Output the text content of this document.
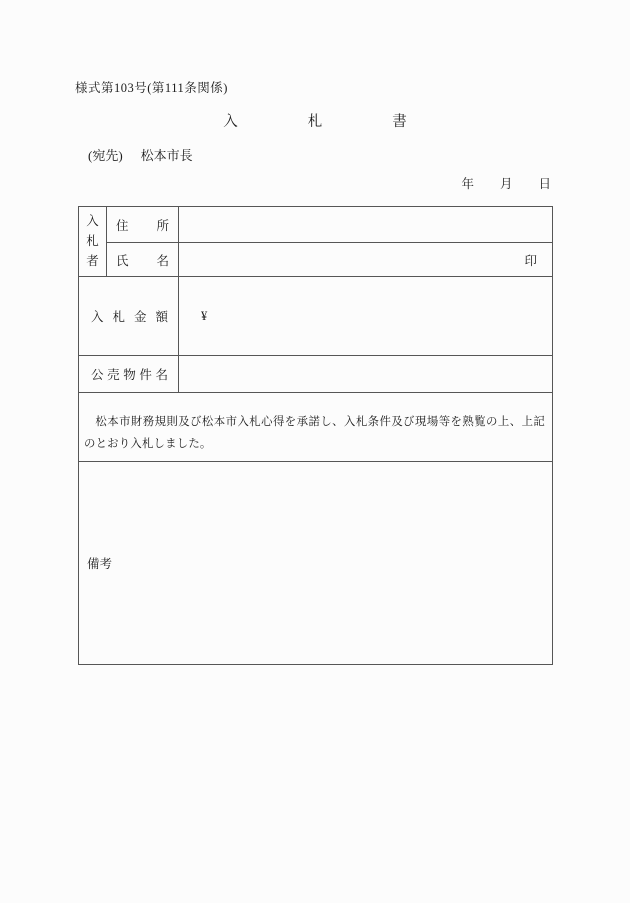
様式第103号(第111条関係)
入札書
(宛先) 松本市長
年 月 日
入
札
者	住 所	

	氏 名	印

入 札 金 額		¥

公 売 物 件 名		

松本市財務規則及び松本市入札心得を承諾し、入札条件及び現場等を熟覧の上、上記のとおり入札しました。		

備考		
